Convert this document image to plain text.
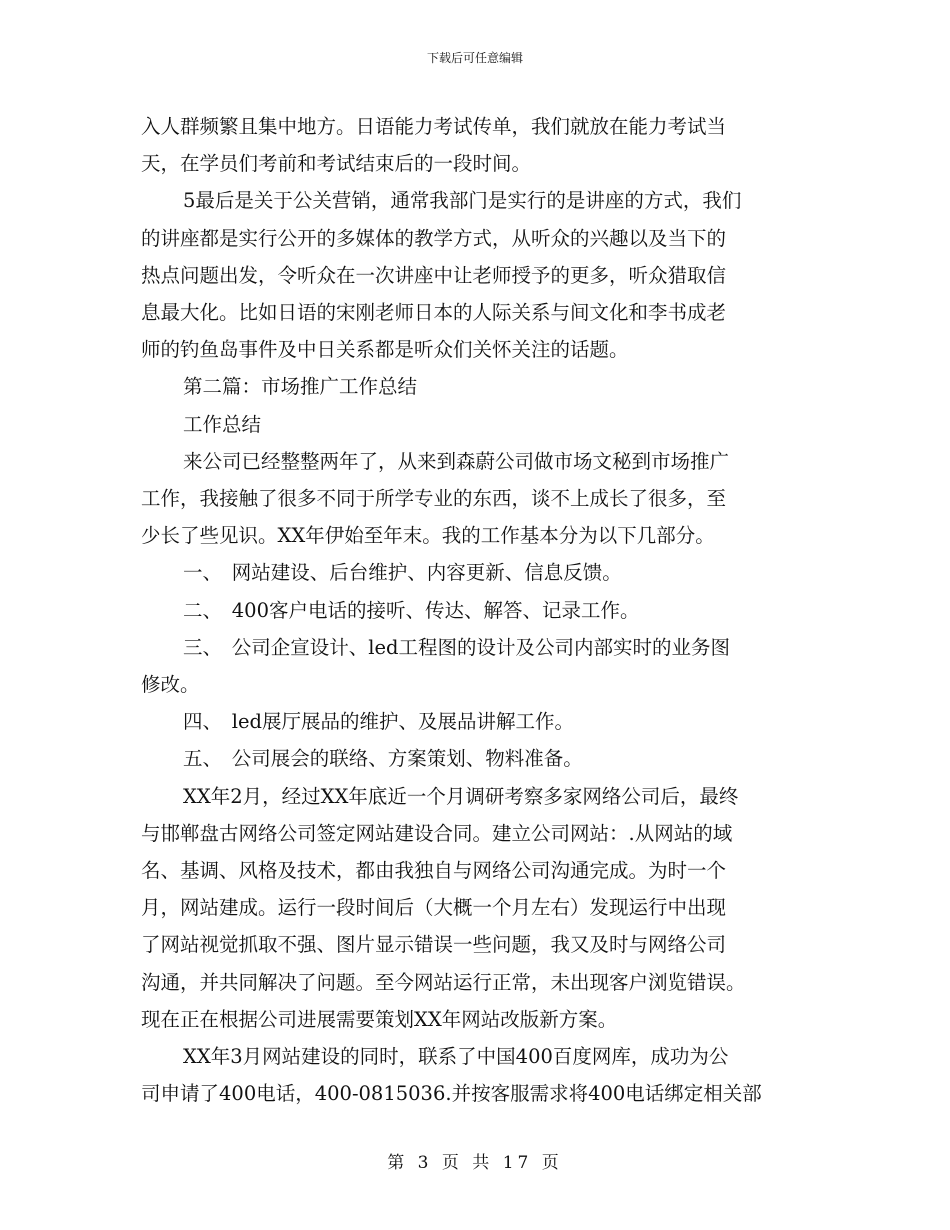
下载后可任意编辑

入人群频繁且集中地方。日语能力考试传单，我们就放在能力考试当

天，在学员们考前和考试结束后的一段时间。

5最后是关于公关营销，通常我部门是实行的是讲座的方式，我们

的讲座都是实行公开的多媒体的教学方式，从听众的兴趣以及当下的

热点问题出发，令听众在一次讲座中让老师授予的更多，听众猎取信

息最大化。比如日语的宋刚老师日本的人际关系与间文化和李书成老

师的钓鱼岛事件及中日关系都是听众们关怀关注的话题。

第二篇：市场推广工作总结

工作总结

来公司已经整整两年了，从来到森蔚公司做市场文秘到市场推广

工作，我接触了很多不同于所学专业的东西，谈不上成长了很多，至

少长了些见识。XX年伊始至年末。我的工作基本分为以下几部分。

一、　网站建设、后台维护、内容更新、信息反馈。

二、　400客户电话的接听、传达、解答、记录工作。

三、　公司企宣设计、led工程图的设计及公司内部实时的业务图

修改。

四、　led展厅展品的维护、及展品讲解工作。

五、　公司展会的联络、方案策划、物料准备。

XX年2月，经过XX年底近一个月调研考察多家网络公司后，最终

与邯郸盘古网络公司签定网站建设合同。建立公司网站：.从网站的域

名、基调、风格及技术，都由我独自与网络公司沟通完成。为时一个

月，网站建成。运行一段时间后（大概一个月左右）发现运行中出现

了网站视觉抓取不强、图片显示错误一些问题，我又及时与网络公司

沟通，并共同解决了问题。至今网站运行正常，未出现客户浏览错误。

现在正在根据公司进展需要策划XX年网站改版新方案。

XX年3月网站建设的同时，联系了中国400百度网库，成功为公

司申请了400电话，400-0815036.并按客服需求将400电话绑定相关部

第 3 页 共 17 页
